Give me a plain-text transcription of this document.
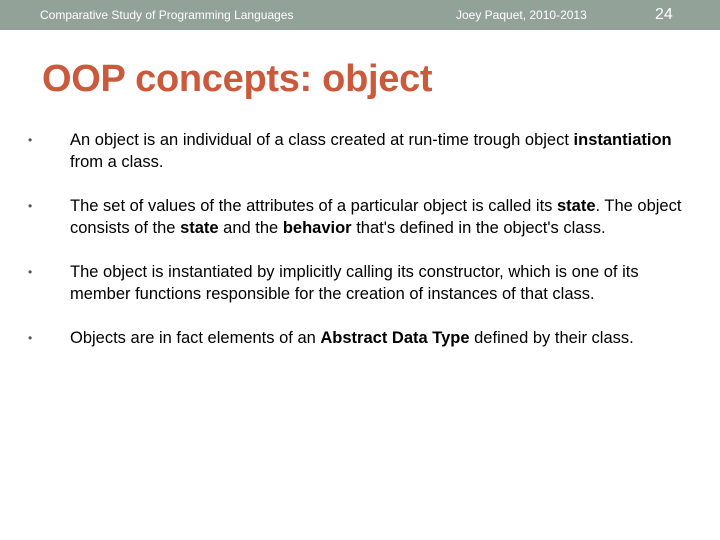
Comparative Study of Programming Languages	Joey Paquet, 2010-2013	24
OOP concepts: object
• An object is an individual of a class created at run-time trough object instantiation from a class.
• The set of values of the attributes of a particular object is called its state. The object consists of the state and the behavior that's defined in the object's class.
• The object is instantiated by implicitly calling its constructor, which is one of its member functions responsible for the creation of instances of that class.
• Objects are in fact elements of an Abstract Data Type defined by their class.
